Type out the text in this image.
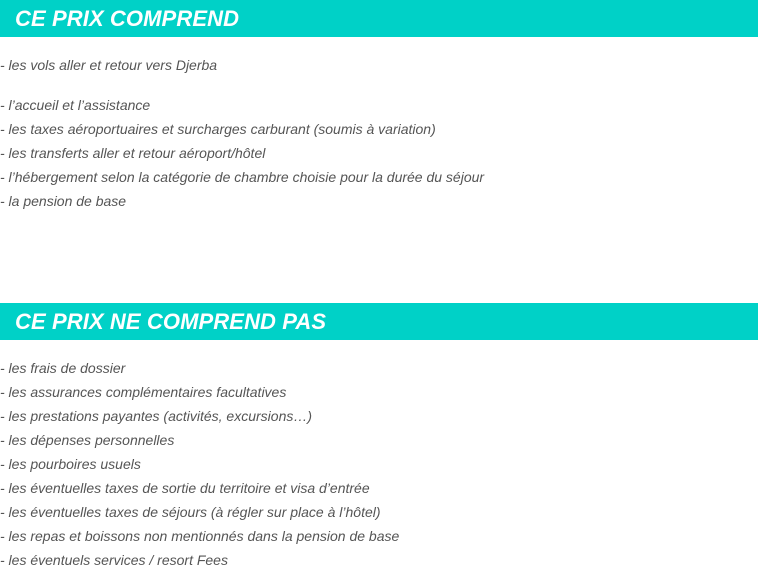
CE PRIX COMPREND
- les vols aller et retour vers Djerba
- l’accueil et l’assistance
- les taxes aéroportuaires et surcharges carburant (soumis à variation)
- les transferts aller et retour aéroport/hôtel
- l’hébergement selon la catégorie de chambre choisie pour la durée du séjour
- la pension de base
CE PRIX NE COMPREND PAS
- les frais de dossier
- les assurances complémentaires facultatives
- les prestations payantes (activités, excursions…)
- les dépenses personnelles
- les pourboires usuels
- les éventuelles taxes de sortie du territoire et visa d’entrée
- les éventuelles taxes de séjours (à régler sur place à l’hôtel)
- les repas et boissons non mentionnés dans la pension de base
- les éventuels services / resort Fees
